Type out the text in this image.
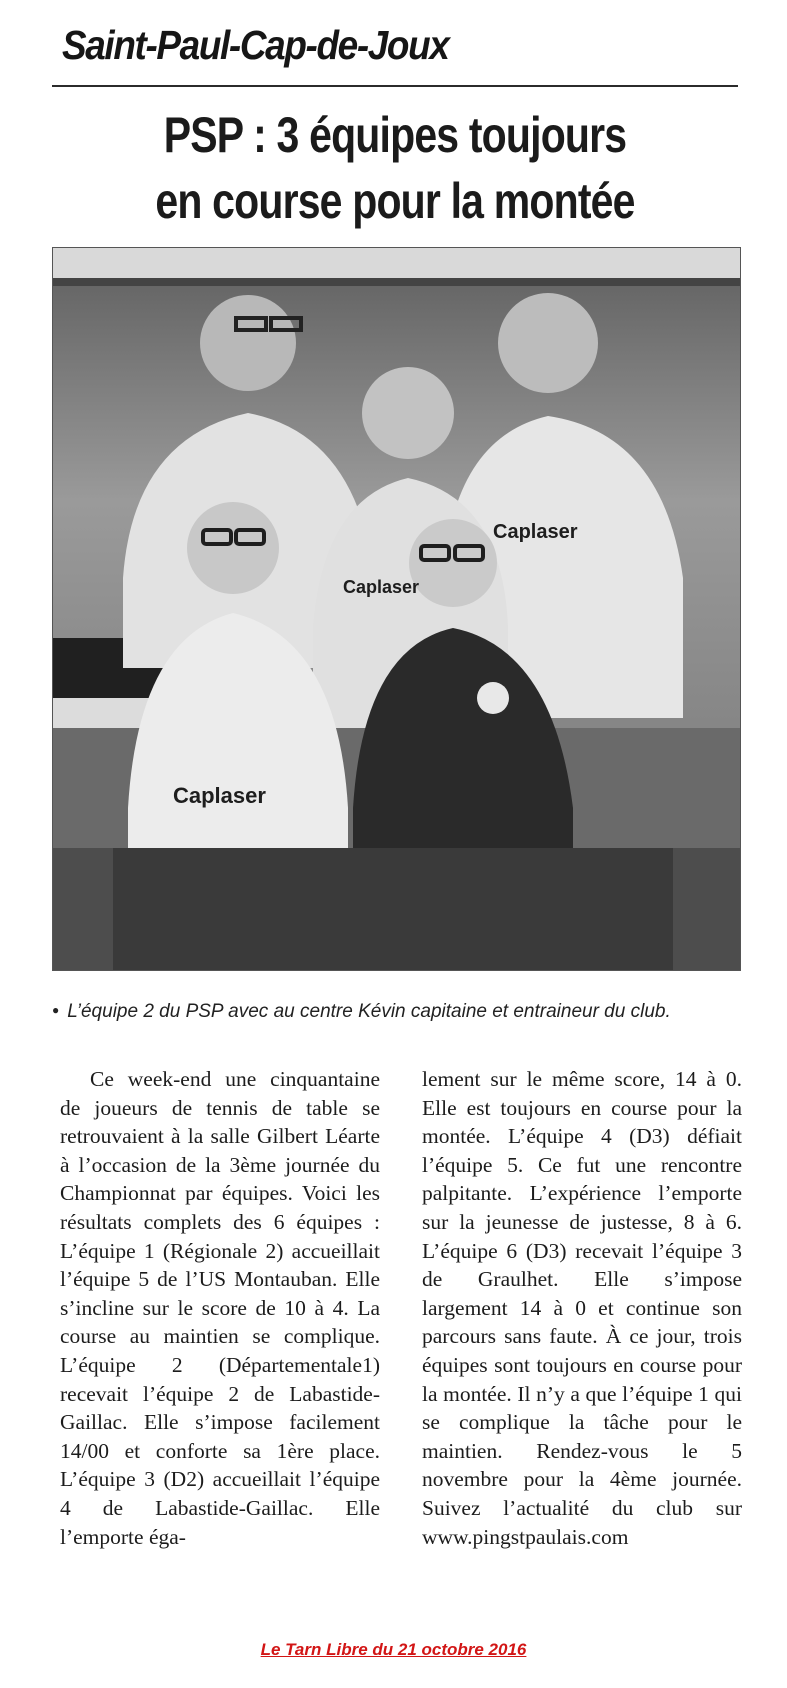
Saint-Paul-Cap-de-Joux
PSP : 3 équipes toujours
en course pour la montée
Caplaser
Caplaser
Caplaser
● L’équipe 2 du PSP avec au centre Kévin capitaine et entraineur du club.

Ce week-end une cinquantaine de joueurs de tennis de table se retrouvaient à la salle Gilbert Léarte à l’occasion de la 3ème journée du Championnat par équipes. Voici les résultats complets des 6 équipes : L’équipe 1 (Régionale 2) accueillait l’équipe 5 de l’US Montauban. Elle s’incline sur le score de 10 à 4. La course au maintien se complique. L’équipe 2 (Départementale1) recevait l’équipe 2 de Labastide-Gaillac. Elle s’impose facilement 14/00 et conforte sa 1ère place. L’équipe 3 (D2) accueillait l’équipe 4 de Labastide-Gaillac. Elle l’emporte éga-

lement sur le même score, 14 à 0. Elle est toujours en course pour la montée. L’équipe 4 (D3) défiait l’équipe 5. Ce fut une rencontre palpitante. L’expérience l’emporte sur la jeunesse de justesse, 8 à 6. L’équipe 6 (D3) recevait l’équipe 3 de Graulhet. Elle s’impose largement 14 à 0 et continue son parcours sans faute. À ce jour, trois équipes sont toujours en course pour la montée. Il n’y a que l’équipe 1 qui se complique la tâche pour le maintien. Rendez-vous le 5 novembre pour la 4ème journée. Suivez l’actualité du club sur www.pingstpaulais.com

Le Tarn Libre du 21 octobre 2016
